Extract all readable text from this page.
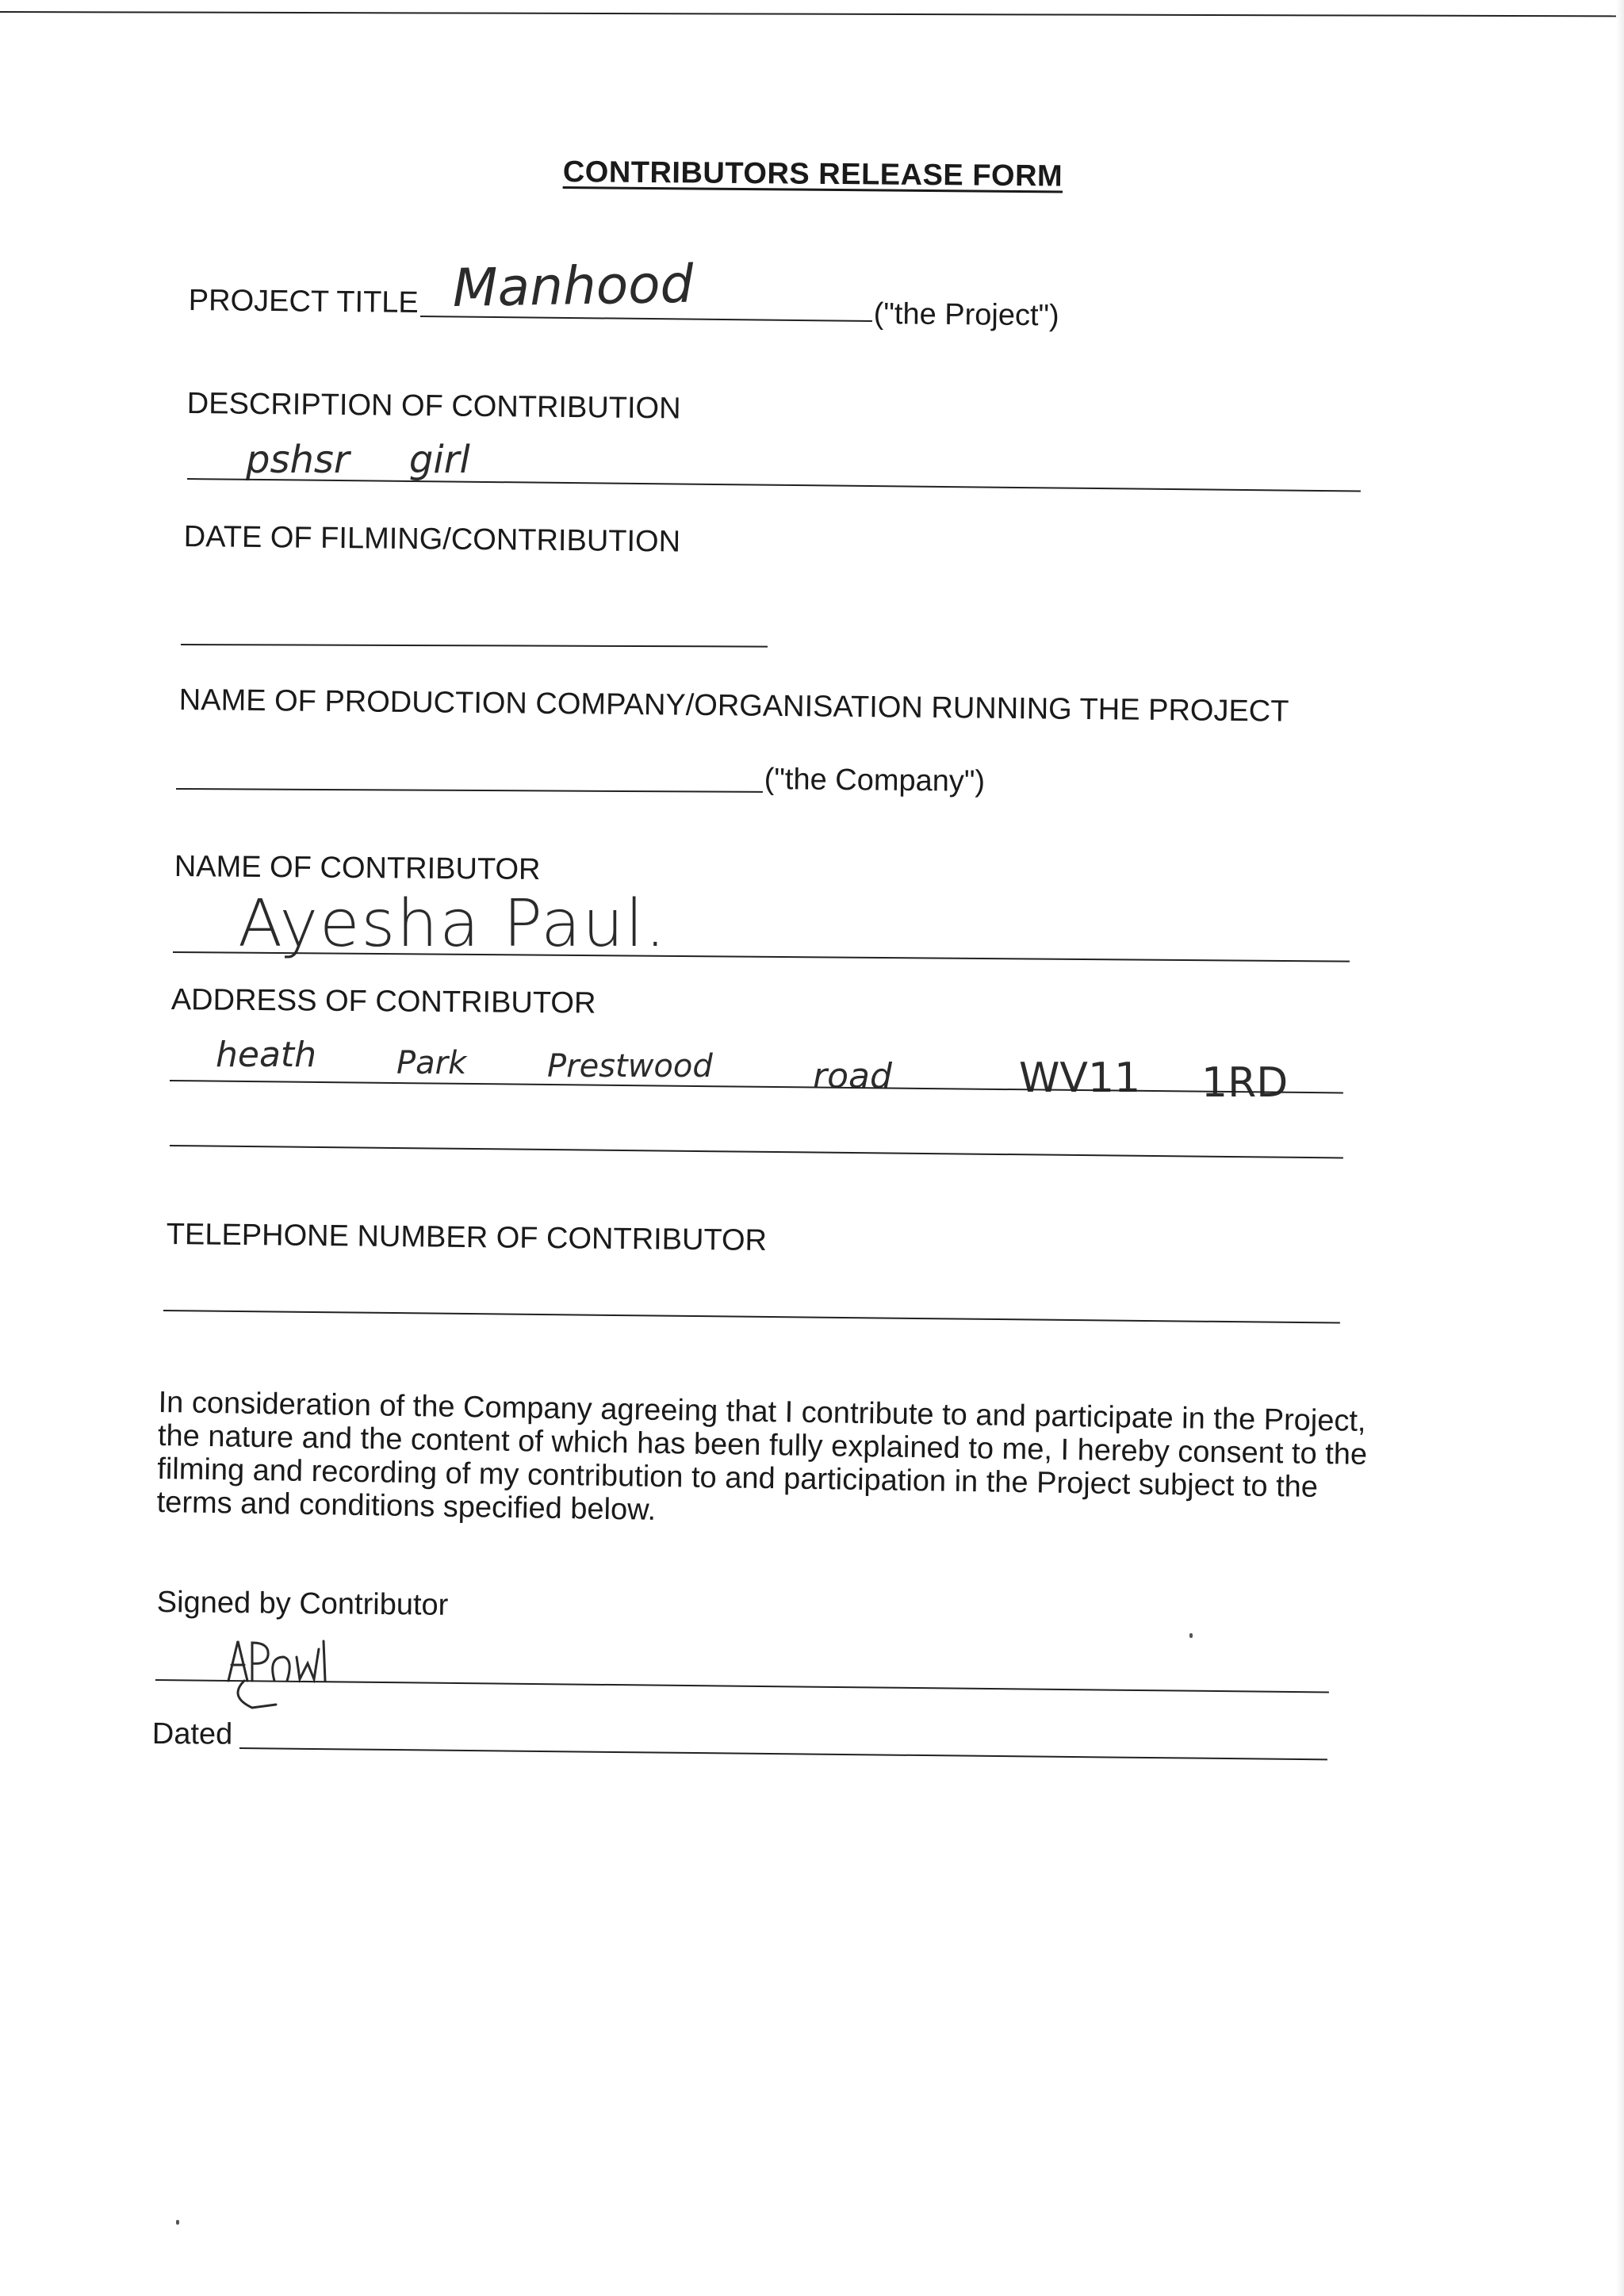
CONTRIBUTORS RELEASE FORM
PROJECT TITLE Manhood	("the Project")
DESCRIPTION OF CONTRIBUTION
pshsr girl
DATE OF FILMING/CONTRIBUTION
NAME OF PRODUCTION COMPANY/ORGANISATION RUNNING THE PROJECT
("the Company")
NAME OF CONTRIBUTOR
Ayesha Paul.
ADDRESS OF CONTRIBUTOR
heath	Park	Prestwood	road	WV11 1RD
TELEPHONE NUMBER OF CONTRIBUTOR
In consideration of the Company agreeing that I contribute to and participate in the Project, the nature and the content of which has been fully explained to me, I hereby consent to the filming and recording of my contribution to and participation in the Project subject to the terms and conditions specified below.
Signed by Contributor
Dated
